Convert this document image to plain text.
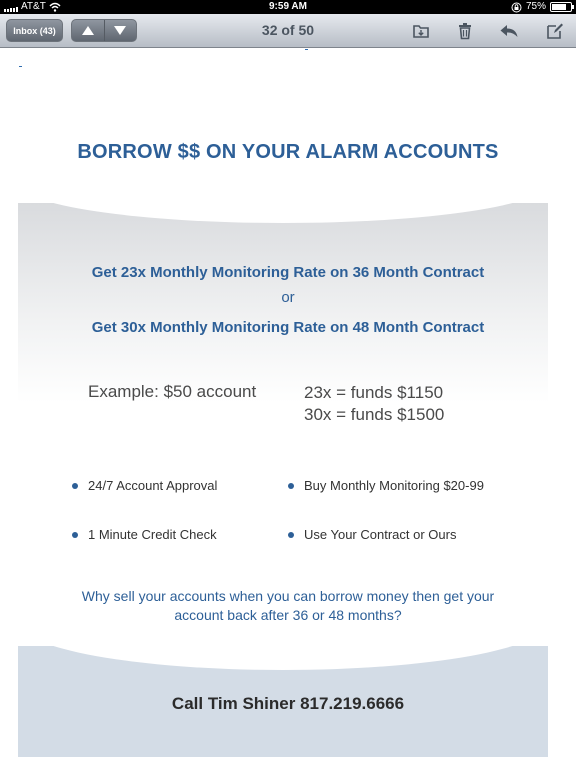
AT&T	9:59 AM	75%
Inbox (43)	32 of 50
BORROW $$ ON YOUR ALARM ACCOUNTS
Get 23x Monthly Monitoring Rate on 36 Month Contract
or
Get 30x Monthly Monitoring Rate on 48 Month Contract
Example: $50 account	23x = funds $1150
30x = funds $1500
24/7 Account Approval	Buy Monthly Monitoring $20-99
1 Minute Credit Check	Use Your Contract or Ours
Why sell your accounts when you can borrow money then get your
account back after 36 or 48 months?
Call Tim Shiner 817.219.6666
